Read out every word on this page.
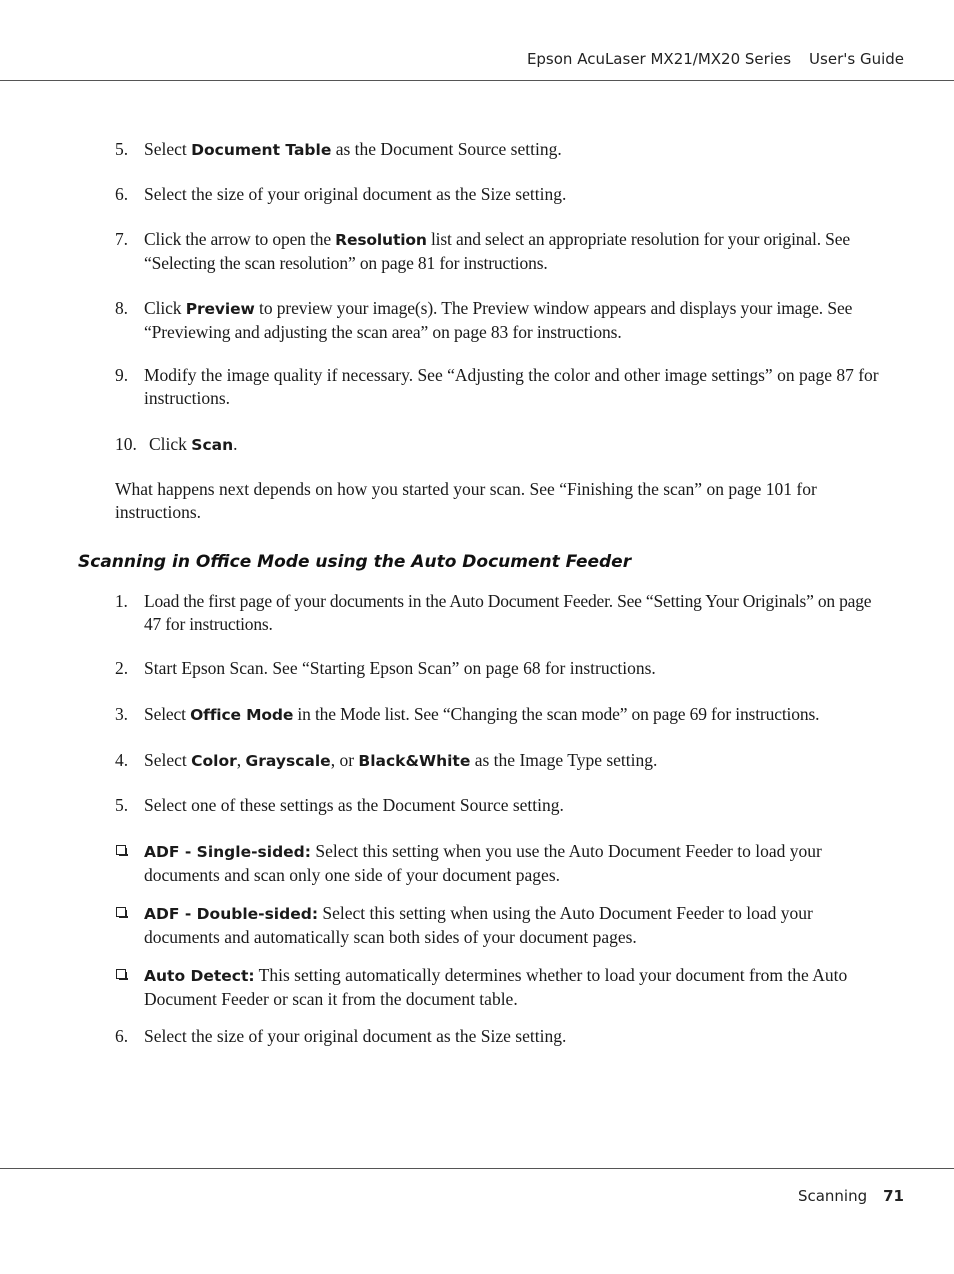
Epson AcuLaser MX21/MX20 Series User's Guide

5. Select Document Table as the Document Source setting.

6. Select the size of your original document as the Size setting.

7. Click the arrow to open the Resolution list and select an appropriate resolution for your original. See “Selecting the scan resolution” on page 81 for instructions.

8. Click Preview to preview your image(s). The Preview window appears and displays your image. See “Previewing and adjusting the scan area” on page 83 for instructions.

9. Modify the image quality if necessary. See “Adjusting the color and other image settings” on page 87 for instructions.

10. Click Scan.

What happens next depends on how you started your scan. See “Finishing the scan” on page 101 for instructions.
Scanning in Office Mode using the Auto Document Feeder

1. Load the first page of your documents in the Auto Document Feeder. See “Setting Your Originals” on page 47 for instructions.

2. Start Epson Scan. See “Starting Epson Scan” on page 68 for instructions.

3. Select Office Mode in the Mode list. See “Changing the scan mode” on page 69 for instructions.

4. Select Color, Grayscale, or Black&White as the Image Type setting.

5. Select one of these settings as the Document Source setting.

ADF - Single-sided: Select this setting when you use the Auto Document Feeder to load your documents and scan only one side of your document pages.

ADF - Double-sided: Select this setting when using the Auto Document Feeder to load your documents and automatically scan both sides of your document pages.

Auto Detect: This setting automatically determines whether to load your document from the Auto Document Feeder or scan it from the document table.

6. Select the size of your original document as the Size setting.

Scanning 71
